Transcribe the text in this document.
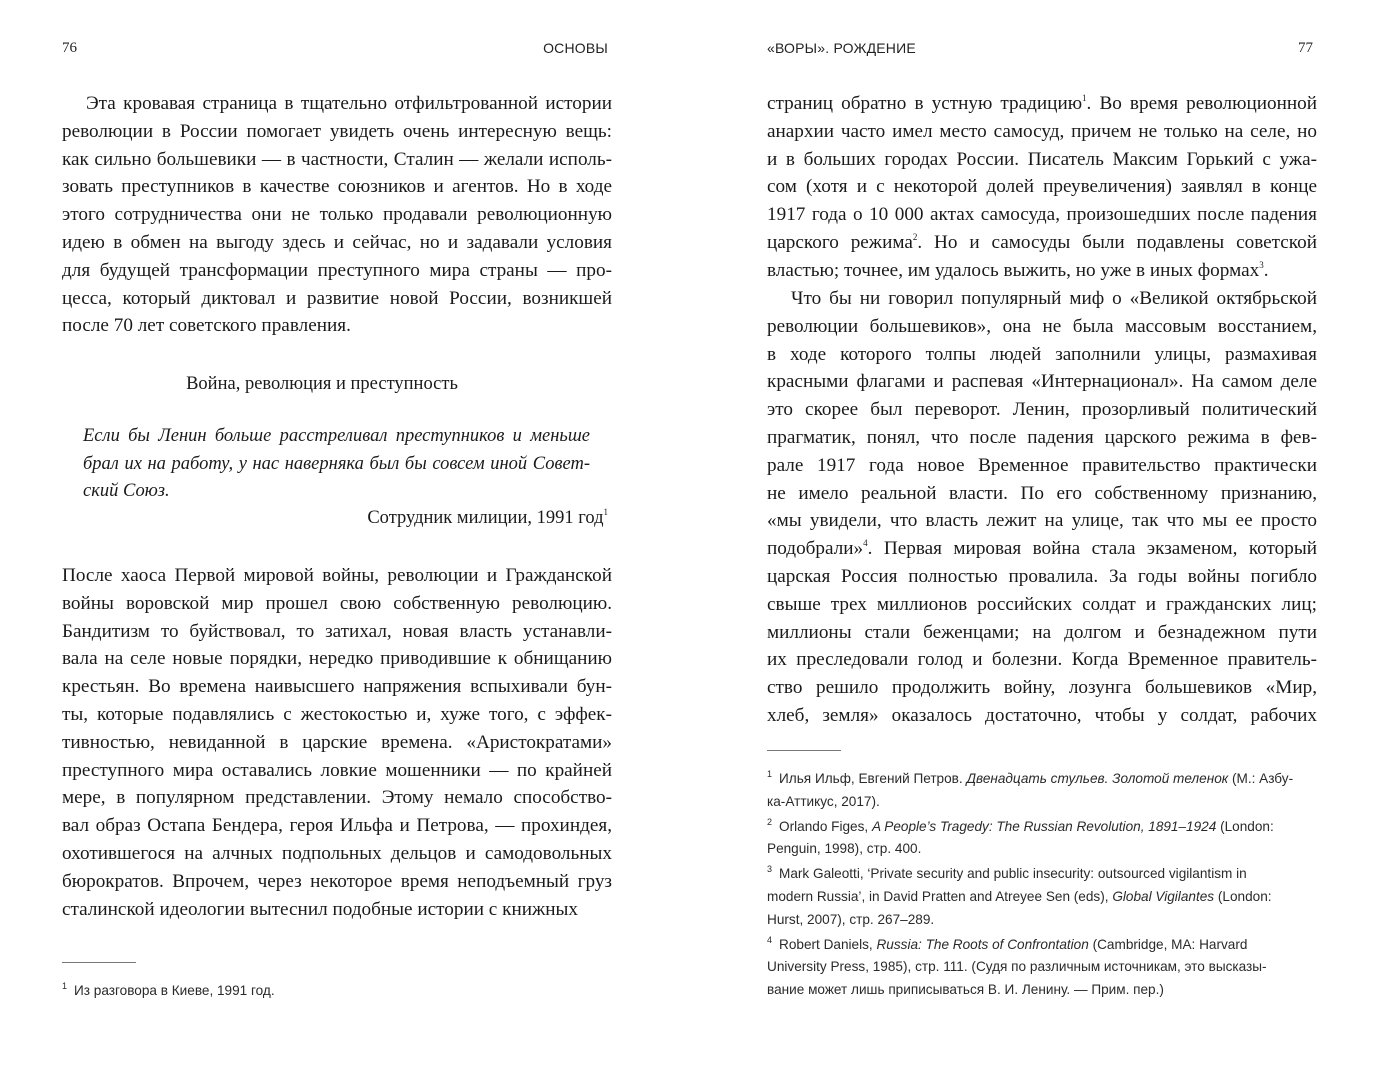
76	ОСНОВЫ
Эта кровавая страница в тщательно отфильтрованной истории
революции в России помогает увидеть очень интересную вещь:
как сильно большевики — в частности, Сталин — желали исполь-
зовать преступников в качестве союзников и агентов. Но в ходе
этого сотрудничества они не только продавали революционную
идею в обмен на выгоду здесь и сейчас, но и задавали условия
для будущей трансформации преступного мира страны — про-
цесса, который диктовал и развитие новой России, возникшей
после 70 лет советского правления.
Война, революция и преступность
Если бы Ленин больше расстреливал преступников и меньше
брал их на работу, у нас наверняка был бы совсем иной Совет-
ский Союз.
Сотрудник милиции, 1991 год$^1$
После хаоса Первой мировой войны, революции и Гражданской
войны воровской мир прошел свою собственную революцию.
Бандитизм то буйствовал, то затихал, новая власть устанавли-
вала на селе новые порядки, нередко приводившие к обнищанию
крестьян. Во времена наивысшего напряжения вспыхивали бун-
ты, которые подавлялись с жестокостью и, хуже того, с эффек-
тивностью, невиданной в царские времена. «Аристократами»
преступного мира оставались ловкие мошенники — по крайней
мере, в популярном представлении. Этому немало способство-
вал образ Остапа Бендера, героя Ильфа и Петрова, — прохиндея,
охотившегося на алчных подпольных дельцов и самодовольных
бюрократов. Впрочем, через некоторое время неподъемный груз
сталинской идеологии вытеснил подобные истории с книжных
$^1$ Из разговора в Киеве, 1991 год.
«ВОРЫ». РОЖДЕНИЕ	77
страниц обратно в устную традицию$^1$. Во время революционной
анархии часто имел место самосуд, причем не только на селе, но
и в больших городах России. Писатель Максим Горький с ужа-
сом (хотя и с некоторой долей преувеличения) заявлял в конце
1917 года о 10 000 актах самосуда, произошедших после падения
царского режима$^2$. Но и самосуды были подавлены советской
властью; точнее, им удалось выжить, но уже в иных формах$^3$.
Что бы ни говорил популярный миф о «Великой октябрьской
революции большевиков», она не была массовым восстанием,
в ходе которого толпы людей заполнили улицы, размахивая
красными флагами и распевая «Интернационал». На самом деле
это скорее был переворот. Ленин, прозорливый политический
прагматик, понял, что после падения царского режима в фев-
рале 1917 года новое Временное правительство практически
не имело реальной власти. По его собственному признанию,
«мы увидели, что власть лежит на улице, так что мы ее просто
подобрали»$^4$. Первая мировая война стала экзаменом, который
царская Россия полностью провалила. За годы войны погибло
свыше трех миллионов российских солдат и гражданских лиц;
миллионы стали беженцами; на долгом и безнадежном пути
их преследовали голод и болезни. Когда Временное правитель-
ство решило продолжить войну, лозунга большевиков «Мир,
хлеб, земля» оказалось достаточно, чтобы у солдат, рабочих
$^1$ Илья Ильф, Евгений Петров. Двенадцать стульев. Золотой теленок (М.: Азбу-
ка-Аттикус, 2017).
$^2$ Orlando Figes, A People’s Tragedy: The Russian Revolution, 1891–1924 (London:
Penguin, 1998), стр. 400.
$^3$ Mark Galeotti, ‘Private security and public insecurity: outsourced vigilantism in
modern Russia’, in David Pratten and Atreyee Sen (eds), Global Vigilantes (London:
Hurst, 2007), стр. 267–289.
$^4$ Robert Daniels, Russia: The Roots of Confrontation (Cambridge, MA: Harvard
University Press, 1985), стр. 111. (Судя по различным источникам, это высказы-
вание может лишь приписываться В. И. Ленину. — Прим. пер.)
